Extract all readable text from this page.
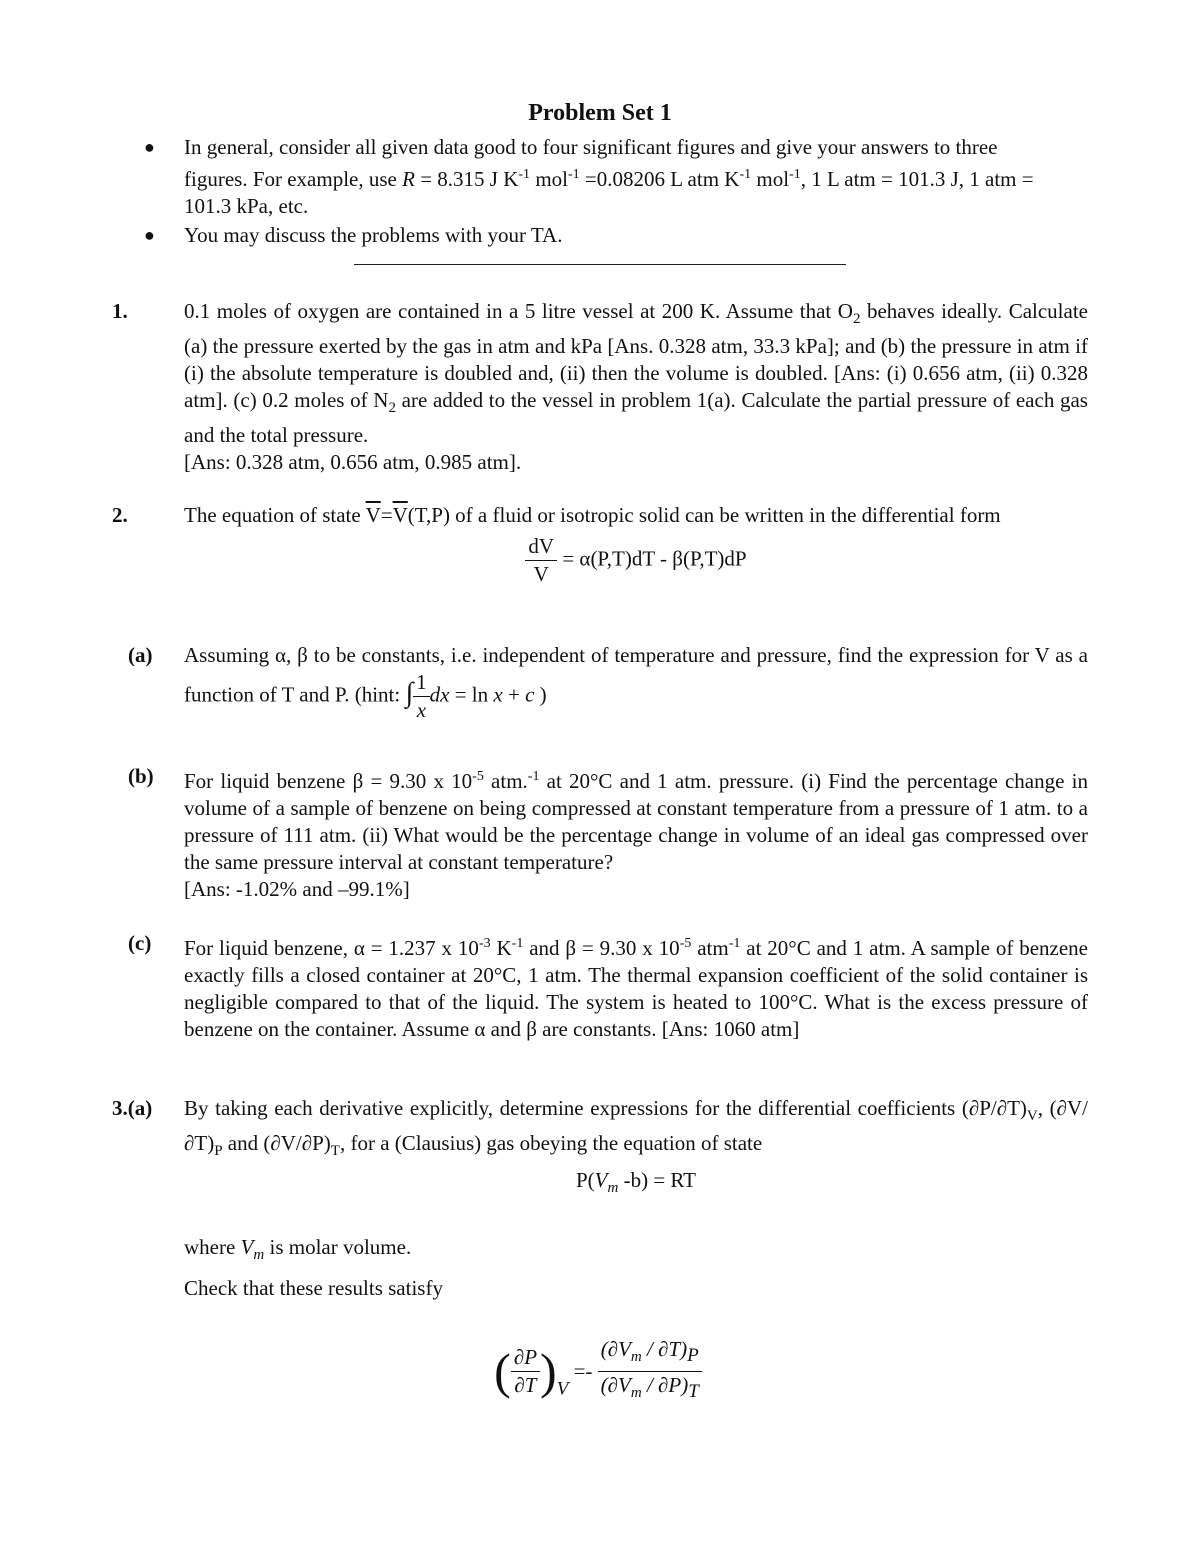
Problem Set 1
●	In general, consider all given data good to four significant figures and give your answers to three figures. For example, use R = 8.315 J $K^{-1}$ mol$^{-1}$ =0.08206 L atm $K^{-1}$ mol$^{-1}$, 1 L atm = 101.3 J, 1 atm = 101.3 kPa, etc.
●	You may discuss the problems with your TA.
1.	0.1 moles of oxygen are contained in a 5 litre vessel at 200 K. Assume that $O_2$ behaves ideally. Calculate (a) the pressure exerted by the gas in atm and kPa [Ans. 0.328 atm, 33.3 kPa]; and (b) the pressure in atm if (i) the absolute temperature is doubled and, (ii) then the volume is doubled. [Ans: (i) 0.656 atm, (ii) 0.328 atm]. (c) 0.2 moles of $N_2$ are added to the vessel in problem 1(a). Calculate the partial pressure of each gas and the total pressure.
[Ans: 0.328 atm, 0.656 atm, 0.985 atm].
2.	The equation of state $\overline{V}=\overline{V}(T,P)$ of a fluid or isotropic solid can be written in the differential form
$\frac{dV}{V} = \alpha(P,T)dT - \beta(P,T)dP$
(a) Assuming α, β to be constants, i.e. independent of temperature and pressure, find the expression for V as a function of T and P. (hint: ∫ $\frac{1}{x}$ dx = ln x + c )
(b) For liquid benzene β = 9.30 x $10^{-5}$ atm.$^{-1}$ at 20°C and 1 atm. pressure. (i) Find the percentage change in volume of a sample of benzene on being compressed at constant temperature from a pressure of 1 atm. to a pressure of 111 atm. (ii) What would be the percentage change in volume of an ideal gas compressed over the same pressure interval at constant temperature?
[Ans: -1.02% and –99.1%]
(c) For liquid benzene, α = 1.237 x $10^{-3}$ $K^{-1}$ and β = 9.30 x $10^{-5}$ atm$^{-1}$ at 20°C and 1 atm. A sample of benzene exactly fills a closed container at 20°C, 1 atm. The thermal expansion coefficient of the solid container is negligible compared to that of the liquid. The system is heated to 100°C. What is the excess pressure of benzene on the container. Assume α and β are constants. [Ans: 1060 atm]
3.(a) By taking each derivative explicitly, determine expressions for the differential coefficients $(\partial P/\partial T)_V$, $(\partial V/\partial T)_P$ and $(\partial V/\partial P)_T$, for a (Clausius) gas obeying the equation of state
$P(V_m$ -b) = RT
where $V_m$ is molar volume.
Check that these results satisfy
( $\frac{\partial P}{\partial T} )V =- \frac{(\partial V_m / \partial T)P}{(\partial V_m / \partial P)T}$
